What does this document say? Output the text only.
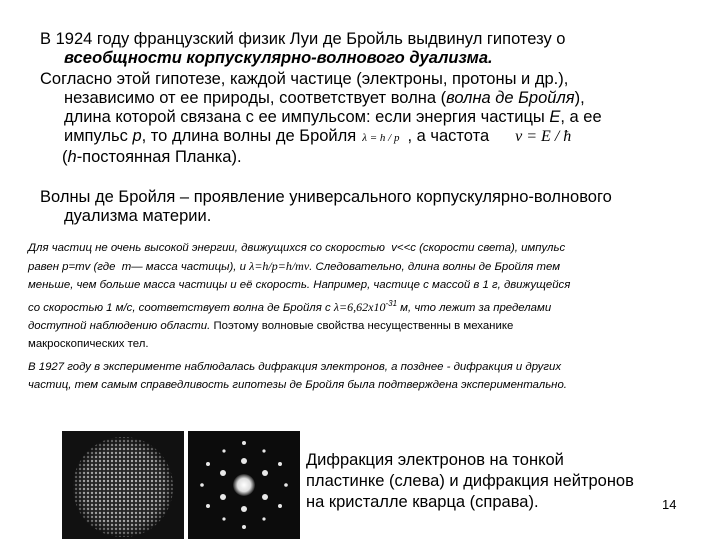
В 1924 году французский физик Луи де Бройль выдвинул гипотезу о
всеобщности корпускулярно-волнового дуализма.
Согласно этой гипотезе, каждой частице (электроны, протоны и др.),
независимо от ее природы, соответствует волна (волна де Бройля),
длина которой связана с ее импульсом: если энергия частицы E, а ее
импульс p, то длина волны де Бройля λ = h / p , а частота ν = E / ħ
(h-постоянная Планка).
Волны де Бройля – проявление универсального корпускулярно-волнового
дуализма материи.
Для частиц не очень высокой энергии, движущихся со скоростью v<<c (скорости света), импульс
равен p=mv (где m— масса частицы), и λ=h/p=h/mv. Следовательно, длина волны де Бройля тем
меньше, чем больше масса частицы и её скорость. Например, частице с массой в 1 г, движущейся
со скоростью 1 м/с, соответствует волна де Бройля с $\lambda=6,62x10^{-31}$ м, что лежит за пределами
доступной наблюдению области. Поэтому волновые свойства несущественны в механике
макроскопических тел.
В 1927 году в эксперименте наблюдалась дифракция электронов, а позднее - дифракция и других
частиц, тем самым справедливость гипотезы де Бройля была подтверждена экспериментально.
Дифракция электронов на тонкой
пластинке (слева) и дифракция нейтронов
на кристалле кварца (справа).	14
